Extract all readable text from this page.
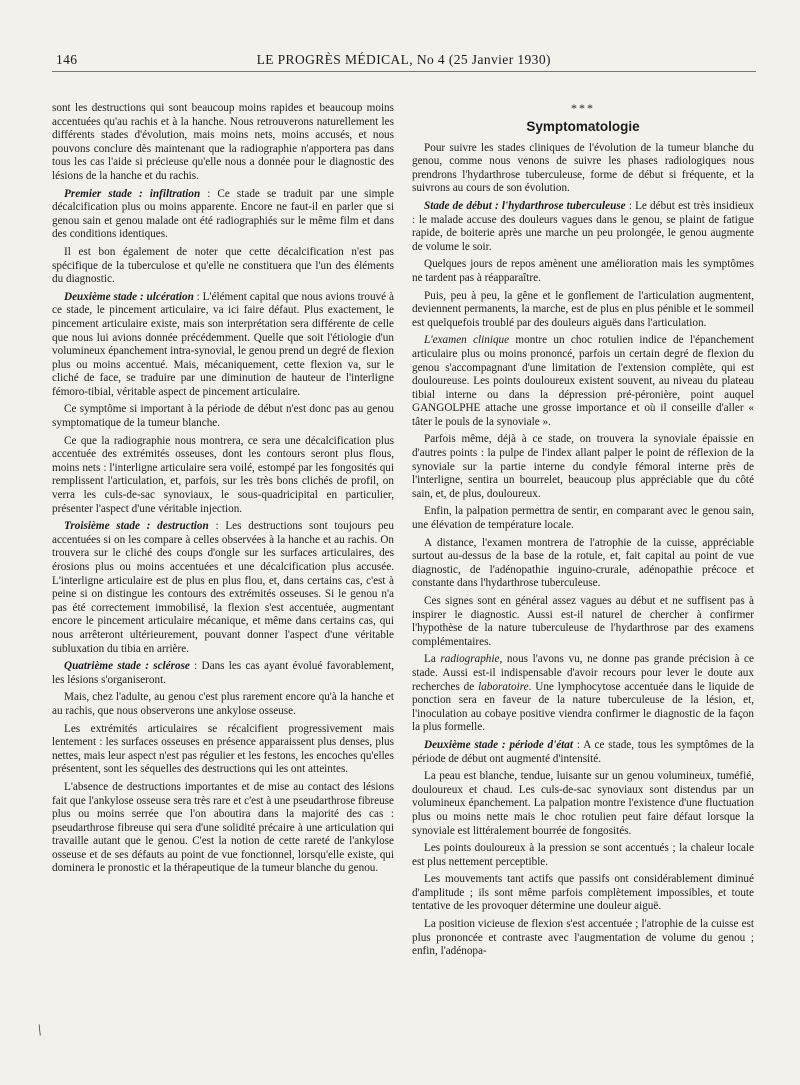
146	LE PROGRÈS MÉDICAL, No 4 (25 Janvier 1930)

sont les destructions qui sont beaucoup moins rapides et beaucoup moins accentuées qu'au rachis et à la hanche. Nous retrouverons naturellement les différents stades d'évolution, mais moins nets, moins accusés, et nous pouvons conclure dès maintenant que la radiographie n'apportera pas dans tous les cas l'aide si précieuse qu'elle nous a donnée pour le diagnostic des lésions de la hanche et du rachis.

Premier stade : infiltration : Ce stade se traduit par une simple décalcification plus ou moins apparente. Encore ne faut-il en parler que si genou sain et genou malade ont été radiographiés sur le même film et dans des conditions identiques.

Il est bon également de noter que cette décalcification n'est pas spécifique de la tuberculose et qu'elle ne constituera que l'un des éléments du diagnostic.

Deuxième stade : ulcération : L'élément capital que nous avions trouvé à ce stade, le pincement articulaire, va ici faire défaut. Plus exactement, le pincement articulaire existe, mais son interprétation sera différente de celle que nous lui avions donnée précédemment. Quelle que soit l'étiologie d'un volumineux épanchement intra-synovial, le genou prend un degré de flexion plus ou moins accentué. Mais, mécaniquement, cette flexion va, sur le cliché de face, se traduire par une diminution de hauteur de l'interligne fémoro-tibial, véritable aspect de pincement articulaire.

Ce symptôme si important à la période de début n'est donc pas au genou symptomatique de la tumeur blanche.

Ce que la radiographie nous montrera, ce sera une décalcification plus accentuée des extrémités osseuses, dont les contours seront plus flous, moins nets : l'interligne articulaire sera voilé, estompé par les fongosités qui remplissent l'articulation, et, parfois, sur les très bons clichés de profil, on verra les culs-de-sac synoviaux, le sous-quadricipital en particulier, présenter l'aspect d'une véritable injection.

Troisième stade : destruction : Les destructions sont toujours peu accentuées si on les compare à celles observées à la hanche et au rachis. On trouvera sur le cliché des coups d'ongle sur les surfaces articulaires, des érosions plus ou moins accentuées et une décalcification plus accusée. L'interligne articulaire est de plus en plus flou, et, dans certains cas, c'est à peine si on distingue les contours des extrémités osseuses. Si le genou n'a pas été correctement immobilisé, la flexion s'est accentuée, augmentant encore le pincement articulaire mécanique, et même dans certains cas, qui nous arrêteront ultérieurement, pouvant donner l'aspect d'une véritable subluxation du tibia en arrière.

Quatrième stade : sclérose : Dans les cas ayant évolué favorablement, les lésions s'organiseront.

Mais, chez l'adulte, au genou c'est plus rarement encore qu'à la hanche et au rachis, que nous observerons une ankylose osseuse.

Les extrémités articulaires se récalcifient progressivement mais lentement : les surfaces osseuses en présence apparaissent plus denses, plus nettes, mais leur aspect n'est pas régulier et les festons, les encoches qu'elles présentent, sont les séquelles des destructions qui les ont atteintes.

L'absence de destructions importantes et de mise au contact des lésions fait que l'ankylose osseuse sera très rare et c'est à une pseudarthrose fibreuse plus ou moins serrée que l'on aboutira dans la majorité des cas : pseudarthrose fibreuse qui sera d'une solidité précaire à une articulation qui travaille autant que le genou. C'est la notion de cette rareté de l'ankylose osseuse et de ses défauts au point de vue fonctionnel, lorsqu'elle existe, qui dominera le pronostic et la thérapeutique de la tumeur blanche du genou.

***
Symptomatologie

Pour suivre les stades cliniques de l'évolution de la tumeur blanche du genou, comme nous venons de suivre les phases radiologiques nous prendrons l'hydarthrose tuberculeuse, forme de début si fréquente, et la suivrons au cours de son évolution.

Stade de début : l'hydarthrose tuberculeuse : Le début est très insidieux : le malade accuse des douleurs vagues dans le genou, se plaint de fatigue rapide, de boiterie après une marche un peu prolongée, le genou augmente de volume le soir.

Quelques jours de repos amènent une amélioration mais les symptômes ne tardent pas à réapparaître.

Puis, peu à peu, la gêne et le gonflement de l'articulation augmentent, deviennent permanents, la marche, est de plus en plus pénible et le sommeil est quelquefois troublé par des douleurs aiguës dans l'articulation.

L'examen clinique montre un choc rotulien indice de l'épanchement articulaire plus ou moins prononcé, parfois un certain degré de flexion du genou s'accompagnant d'une limitation de l'extension complète, qui est douloureuse. Les points douloureux existent souvent, au niveau du plateau tibial interne ou dans la dépression pré-péronière, point auquel GANGOLPHE attache une grosse importance et où il conseille d'aller « tâter le pouls de la synoviale ».

Parfois même, déjà à ce stade, on trouvera la synoviale épaissie en d'autres points : la pulpe de l'index allant palper le point de réflexion de la synoviale sur la partie interne du condyle fémoral interne près de l'interligne, sentira un bourrelet, beaucoup plus appréciable que du côté sain, et, de plus, douloureux.

Enfin, la palpation permettra de sentir, en comparant avec le genou sain, une élévation de température locale.

A distance, l'examen montrera de l'atrophie de la cuisse, appréciable surtout au-dessus de la base de la rotule, et, fait capital au point de vue diagnostic, de l'adénopathie inguino-crurale, adénopathie précoce et constante dans l'hydarthrose tuberculeuse.

Ces signes sont en général assez vagues au début et ne suffisent pas à inspirer le diagnostic. Aussi est-il naturel de chercher à confirmer l'hypothèse de la nature tuberculeuse de l'hydarthrose par des examens complémentaires.

La radiographie, nous l'avons vu, ne donne pas grande précision à ce stade. Aussi est-il indispensable d'avoir recours pour lever le doute aux recherches de laboratoire. Une lymphocytose accentuée dans le liquide de ponction sera en faveur de la nature tuberculeuse de la lésion, et, l'inoculation au cobaye positive viendra confirmer le diagnostic de la façon la plus formelle.

Deuxième stade : période d'état : A ce stade, tous les symptômes de la période de début ont augmenté d'intensité.

La peau est blanche, tendue, luisante sur un genou volumineux, tuméfié, douloureux et chaud. Les culs-de-sac synoviaux sont distendus par un volumineux épanchement. La palpation montre l'existence d'une fluctuation plus ou moins nette mais le choc rotulien peut faire défaut lorsque la synoviale est littéralement bourrée de fongosités.

Les points douloureux à la pression se sont accentués ; la chaleur locale est plus nettement perceptible.

Les mouvements tant actifs que passifs ont considérablement diminué d'amplitude ; ils sont même parfois complètement impossibles, et toute tentative de les provoquer détermine une douleur aiguë.

La position vicieuse de flexion s'est accentuée ; l'atrophie de la cuisse est plus prononcée et contraste avec l'augmentation de volume du genou ; enfin, l'adénopa-

/
